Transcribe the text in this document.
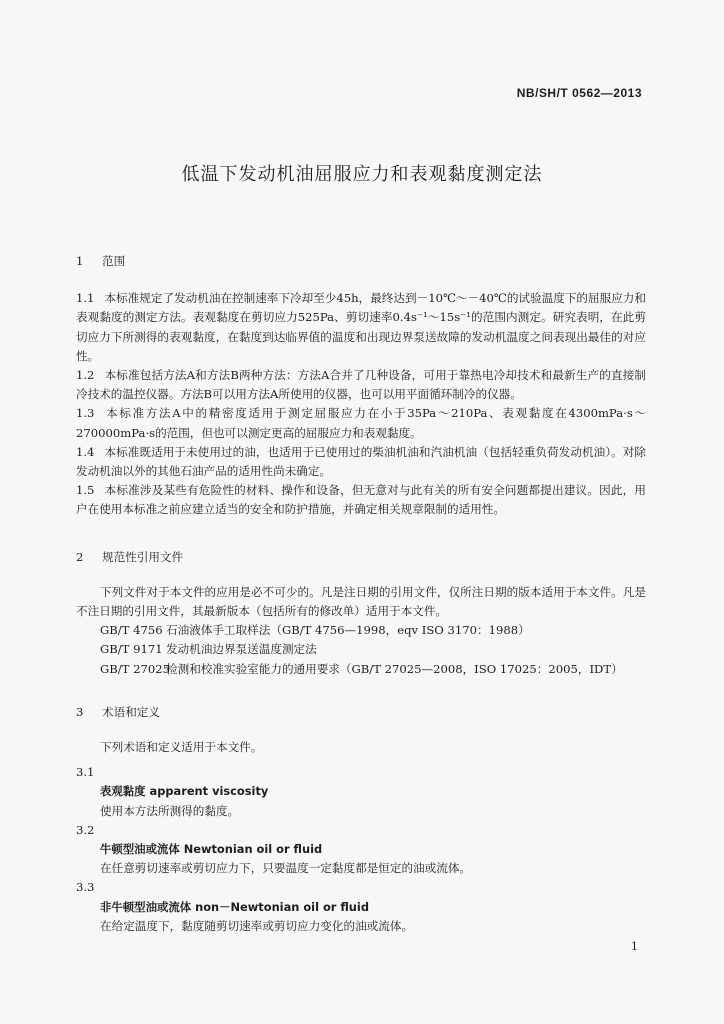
NB/SH/T 0562—2013
低温下发动机油屈服应力和表观黏度测定法

1 范围

1.1 本标准规定了发动机油在控制速率下冷却至少45h，最终达到－10℃～－40℃的试验温度下的屈服应力和表观黏度的测定方法。表观黏度在剪切应力525Pa、剪切速率0.4s⁻¹～15s⁻¹的范围内测定。研究表明，在此剪切应力下所测得的表观黏度，在黏度到达临界值的温度和出现边界泵送故障的发动机温度之间表现出最佳的对应性。

1.2 本标准包括方法A和方法B两种方法：方法A合并了几种设备，可用于靠热电冷却技术和最新生产的直接制冷技术的温控仪器。方法B可以用方法A所使用的仪器，也可以用平面循环制冷的仪器。

1.3 本标准方法A中的精密度适用于测定屈服应力在小于35Pa～210Pa、表观黏度在4300mPa·s～270000mPa·s的范围，但也可以测定更高的屈服应力和表观黏度。

1.4 本标准既适用于未使用过的油，也适用于已使用过的柴油机油和汽油机油（包括轻重负荷发动机油）。对除发动机油以外的其他石油产品的适用性尚未确定。

1.5 本标准涉及某些有危险性的材料、操作和设备，但无意对与此有关的所有安全问题都提出建议。因此，用户在使用本标准之前应建立适当的安全和防护措施，并确定相关规章限制的适用性。

2 规范性引用文件

下列文件对于本文件的应用是必不可少的。凡是注日期的引用文件，仅所注日期的版本适用于本文件。凡是不注日期的引用文件，其最新版本（包括所有的修改单）适用于本文件。

GB/T 4756 石油液体手工取样法（GB/T 4756—1998，eqv ISO 3170：1988）

GB/T 9171 发动机油边界泵送温度测定法

GB/T 27025检测和校准实验室能力的通用要求（GB/T 27025—2008，ISO 17025：2005，IDT）

3 术语和定义

下列术语和定义适用于本文件。

3.1

表观黏度 apparent viscosity

使用本方法所测得的黏度。

3.2

牛顿型油或流体 Newtonian oil or fluid

在任意剪切速率或剪切应力下，只要温度一定黏度都是恒定的油或流体。

3.3

非牛顿型油或流体 non－Newtonian oil or fluid

在给定温度下，黏度随剪切速率或剪切应力变化的油或流体。

1
